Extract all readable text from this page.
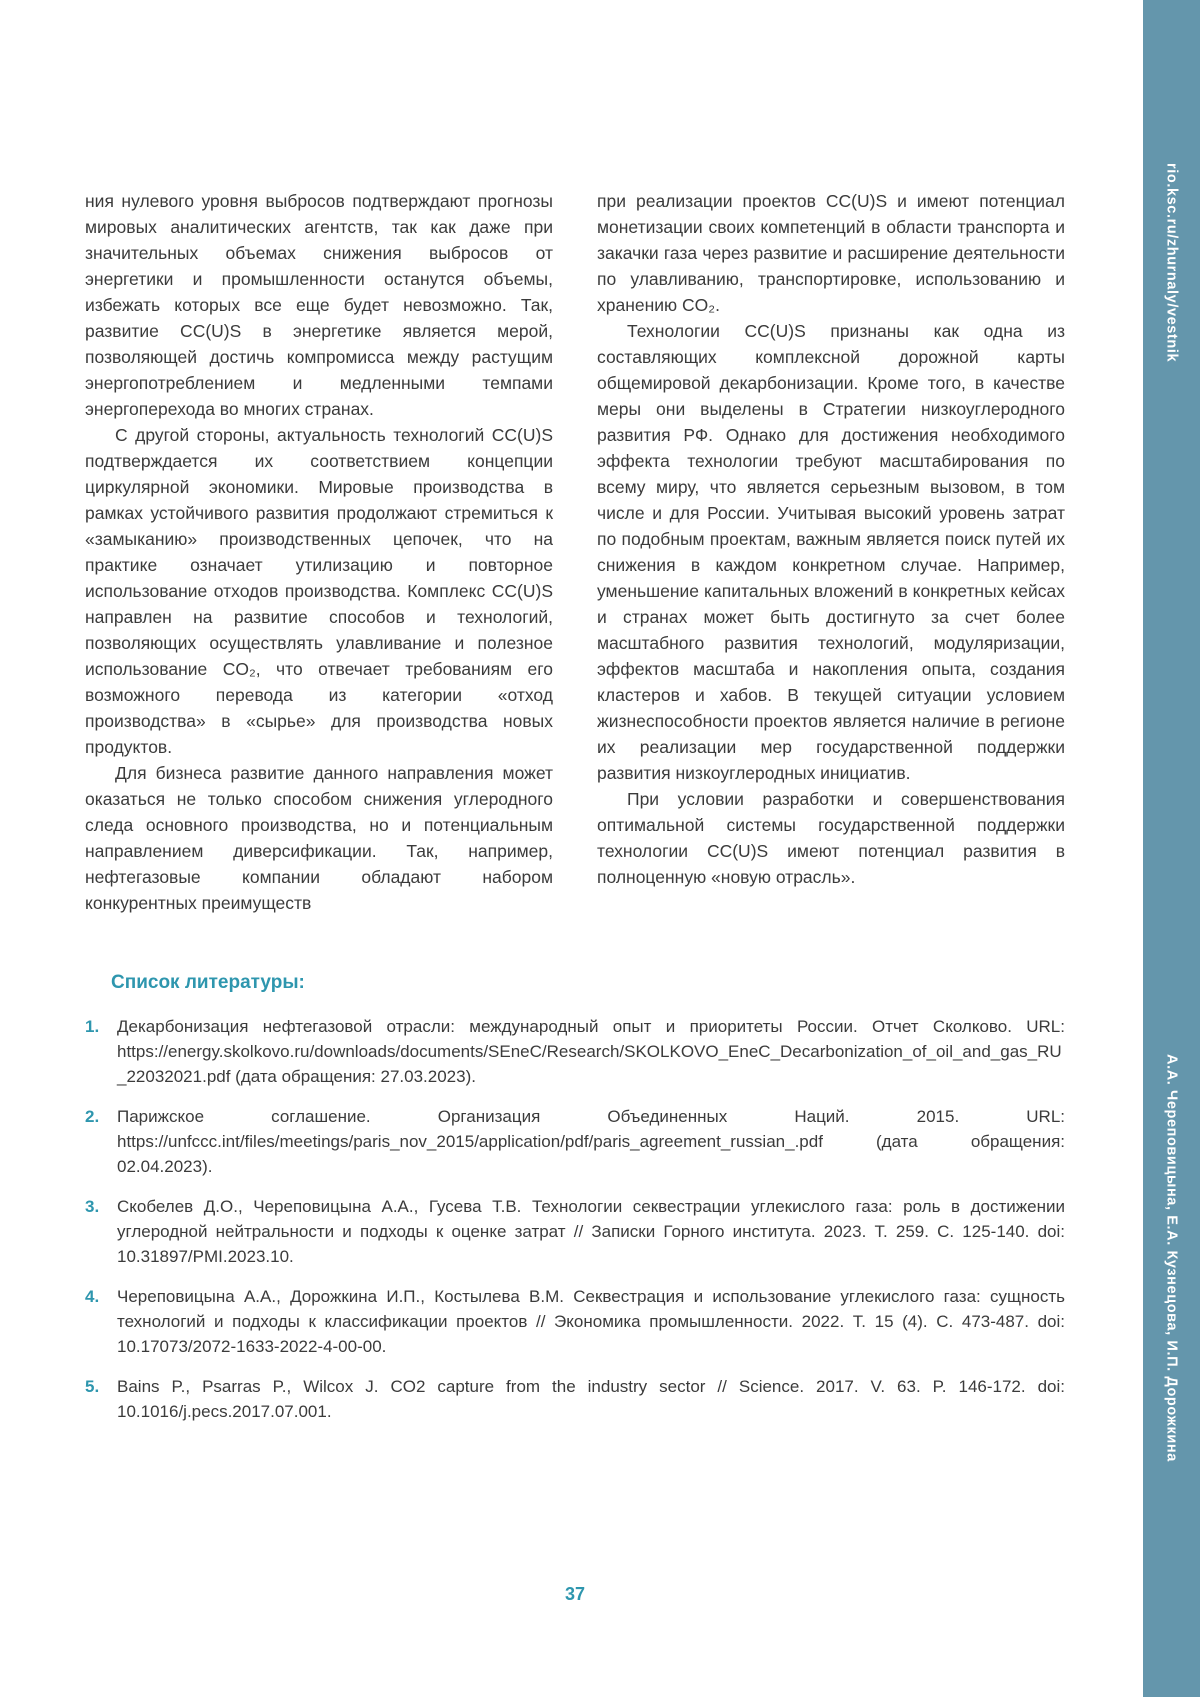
rio.ksc.ru/zhurnaly/vestnik
А.А. Череповицына, Е.А. Кузнецова, И.П. Дорожкина

ния нулевого уровня выбросов подтверждают прогнозы мировых аналитических агентств, так как даже при значительных объемах снижения выбросов от энергетики и промышленности останутся объемы, избежать которых все еще будет невозможно. Так, развитие CC(U)S в энергетике является мерой, позволяющей достичь компромисса между растущим энергопотреблением и медленными темпами энергоперехода во многих странах.

С другой стороны, актуальность технологий CC(U)S подтверждается их соответствием концепции циркулярной экономики. Мировые производства в рамках устойчивого развития продолжают стремиться к «замыканию» производственных цепочек, что на практике означает утилизацию и повторное использование отходов производства. Комплекс CC(U)S направлен на развитие способов и технологий, позволяющих осуществлять улавливание и полезное использование CO₂, что отвечает требованиям его возможного перевода из категории «отход производства» в «сырье» для производства новых продуктов.

Для бизнеса развитие данного направления может оказаться не только способом снижения углеродного следа основного производства, но и потенциальным направлением диверсификации. Так, например, нефтегазовые компании обладают набором конкурентных преимуществ

при реализации проектов CC(U)S и имеют потенциал монетизации своих компетенций в области транспорта и закачки газа через развитие и расширение деятельности по улавливанию, транспортировке, использованию и хранению CO₂.

Технологии CC(U)S признаны как одна из составляющих комплексной дорожной карты общемировой декарбонизации. Кроме того, в качестве меры они выделены в Стратегии низкоуглеродного развития РФ. Однако для достижения необходимого эффекта технологии требуют масштабирования по всему миру, что является серьезным вызовом, в том числе и для России. Учитывая высокий уровень затрат по подобным проектам, важным является поиск путей их снижения в каждом конкретном случае. Например, уменьшение капитальных вложений в конкретных кейсах и странах может быть достигнуто за счет более масштабного развития технологий, модуляризации, эффектов масштаба и накопления опыта, создания кластеров и хабов. В текущей ситуации условием жизнеспособности проектов является наличие в регионе их реализации мер государственной поддержки развития низкоуглеродных инициатив.

При условии разработки и совершенствования оптимальной системы государственной поддержки технологии CC(U)S имеют потенциал развития в полноценную «новую отрасль».

Список литературы:
1.	Декарбонизация нефтегазовой отрасли: международный опыт и приоритеты России. Отчет Сколково. URL: https://energy.skolkovo.ru/downloads/documents/SEneC/Research/SKOLKOVO_EneC_Decarbonization_of_oil_and_gas_RU_22032021.pdf (дата обращения: 27.03.2023).
2.	Парижское соглашение. Организация Объединенных Наций. 2015. URL: https://unfccc.int/files/meetings/paris_nov_2015/application/pdf/paris_agreement_russian_.pdf (дата обращения: 02.04.2023).
3.	Скобелев Д.О., Череповицына А.А., Гусева Т.В. Технологии секвестрации углекислого газа: роль в достижении углеродной нейтральности и подходы к оценке затрат // Записки Горного института. 2023. Т. 259. С. 125-140. doi: 10.31897/PMI.2023.10.
4.	Череповицына А.А., Дорожкина И.П., Костылева В.М. Секвестрация и использование углекислого газа: сущность технологий и подходы к классификации проектов // Экономика промышленности. 2022. Т. 15 (4). С. 473-487. doi: 10.17073/2072-1633-2022-4-00-00.
5.	Bains P., Psarras P., Wilcox J. CO2 capture from the industry sector // Science. 2017. V. 63. P. 146-172. doi: 10.1016/j.pecs.2017.07.001.
37
